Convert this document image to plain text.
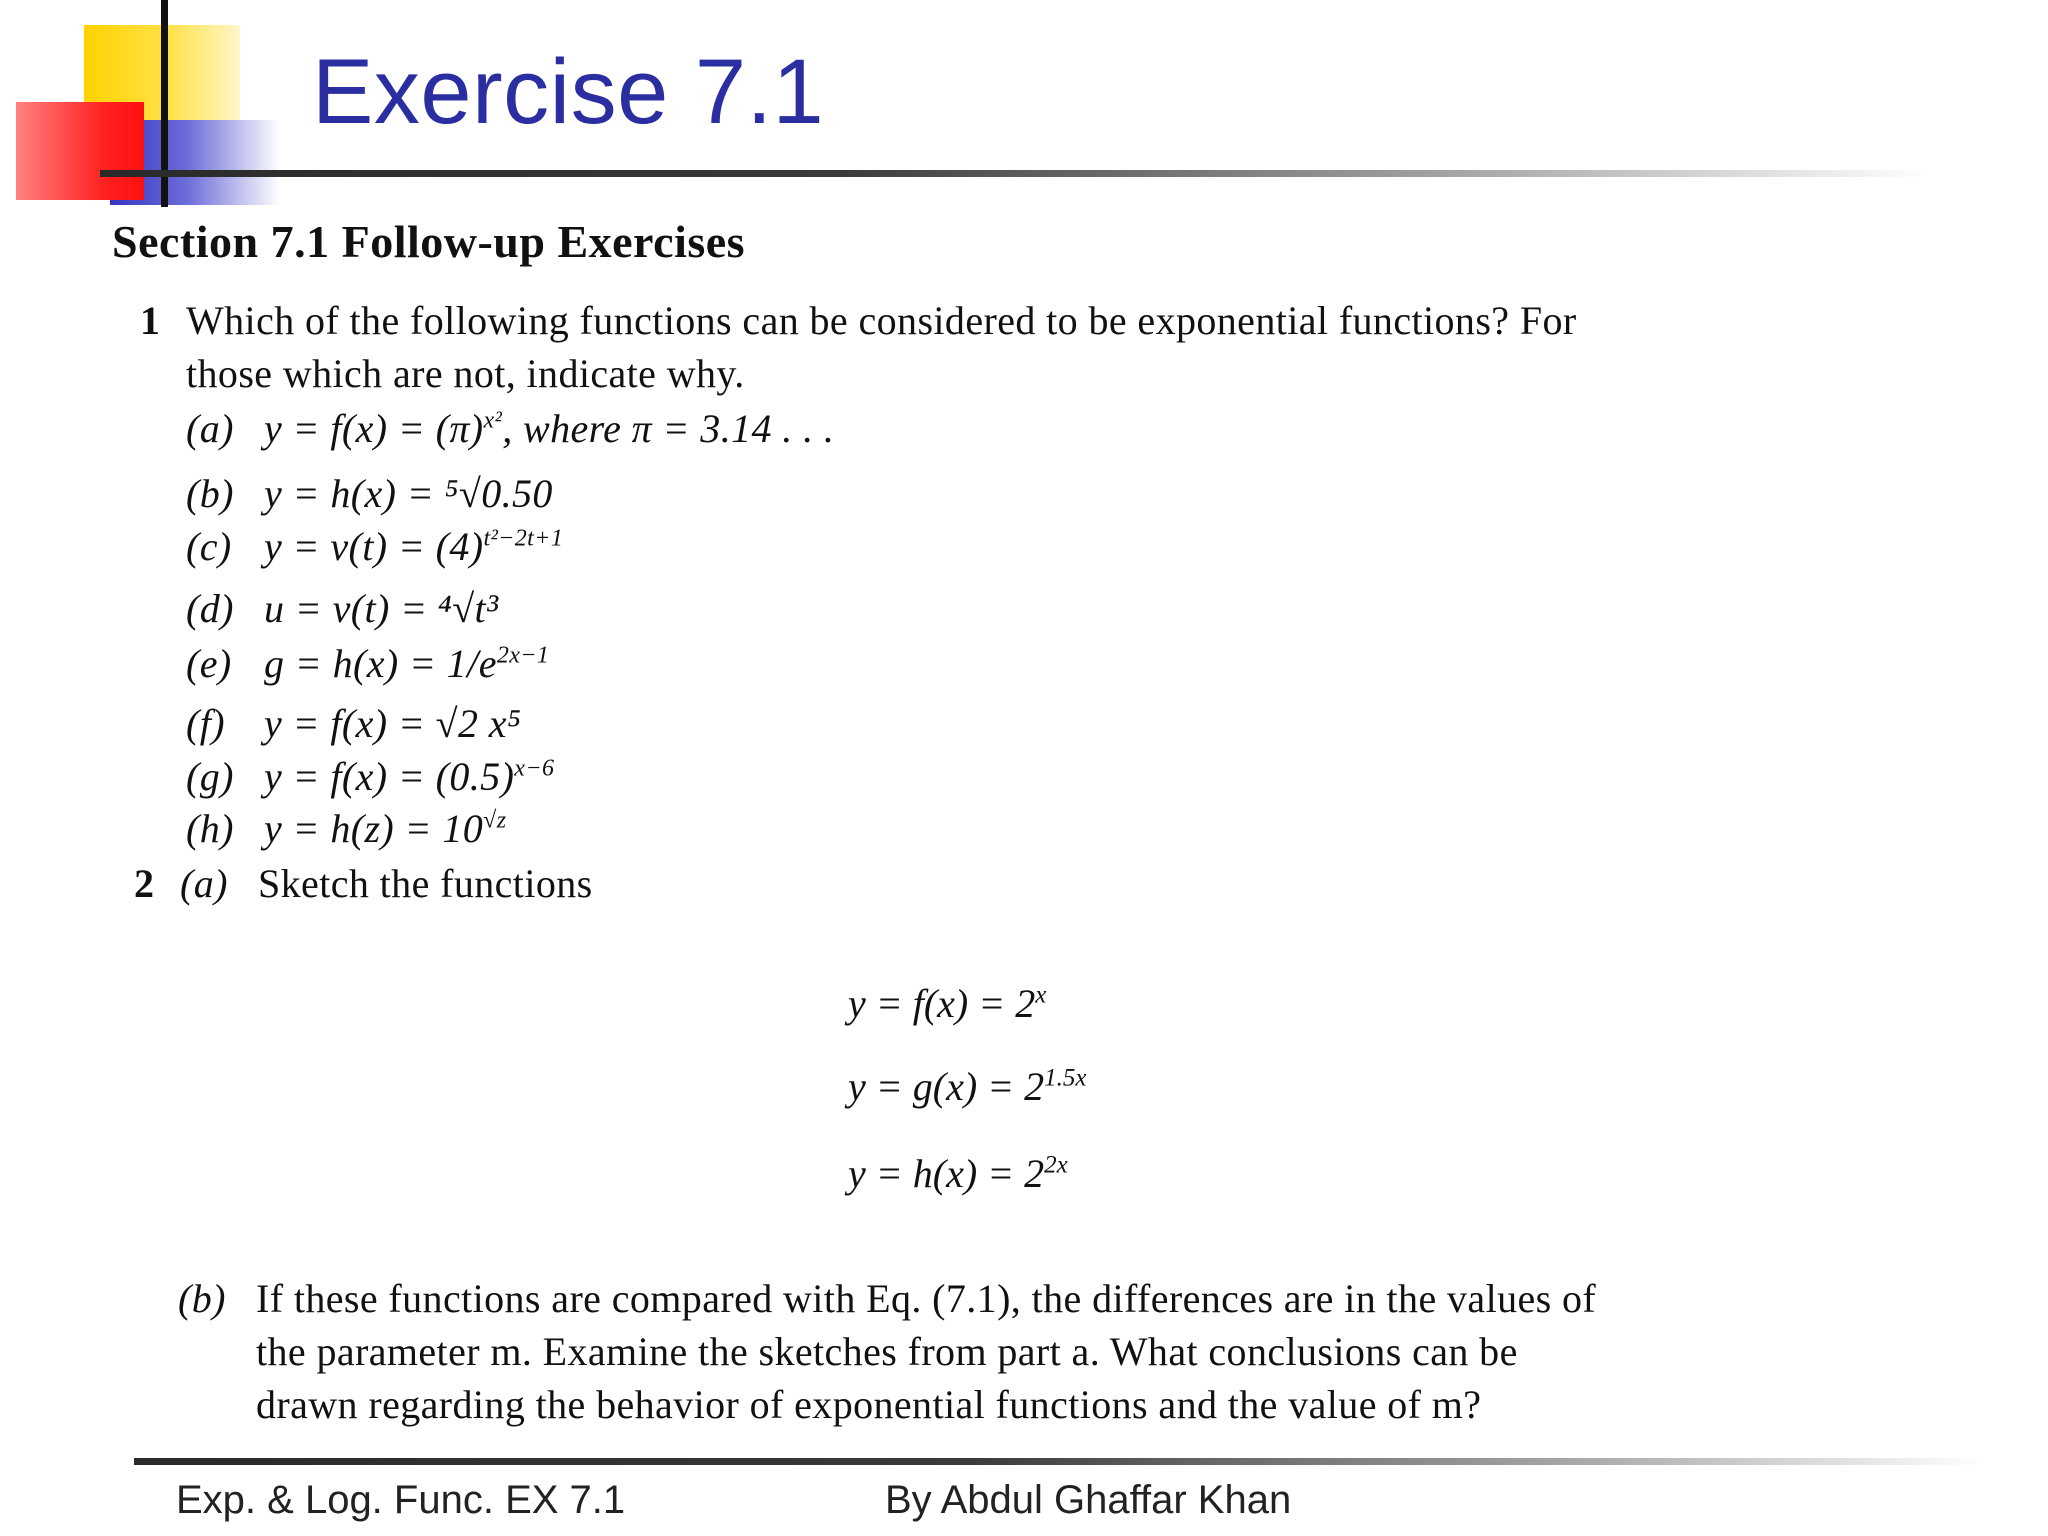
Exercise 7.1
Section 7.1 Follow-up Exercises
1 Which of the following functions can be considered to be exponential functions? For
those which are not, indicate why.
(a) $y = f(x) = (\pi)^{x^2}$, where π = 3.14 . . .
(b) y = h(x) = ⁵√0.50
(c) $y = v(t) = (4)^{t^2-2t+1}$
(d) u = v(t) = ⁴√t³
(e) $g = h(x) = 1/e^{2x-1}$
(f) y = f(x) = √2 x⁵
(g) $y = f(x) = (0.5)^{x-6}$
(h) $y = h(z) = 10^{√z}$
2 (a) Sketch the functions
$y = f(x) = 2^x$
$y = g(x) = 2^{1.5x}$
$y = h(x) = 2^{2x}$
(b) If these functions are compared with Eq. (7.1), the differences are in the values of
the parameter m. Examine the sketches from part a. What conclusions can be
drawn regarding the behavior of exponential functions and the value of m?
Exp. & Log. Func. EX 7.1	By Abdul Ghaffar Khan
